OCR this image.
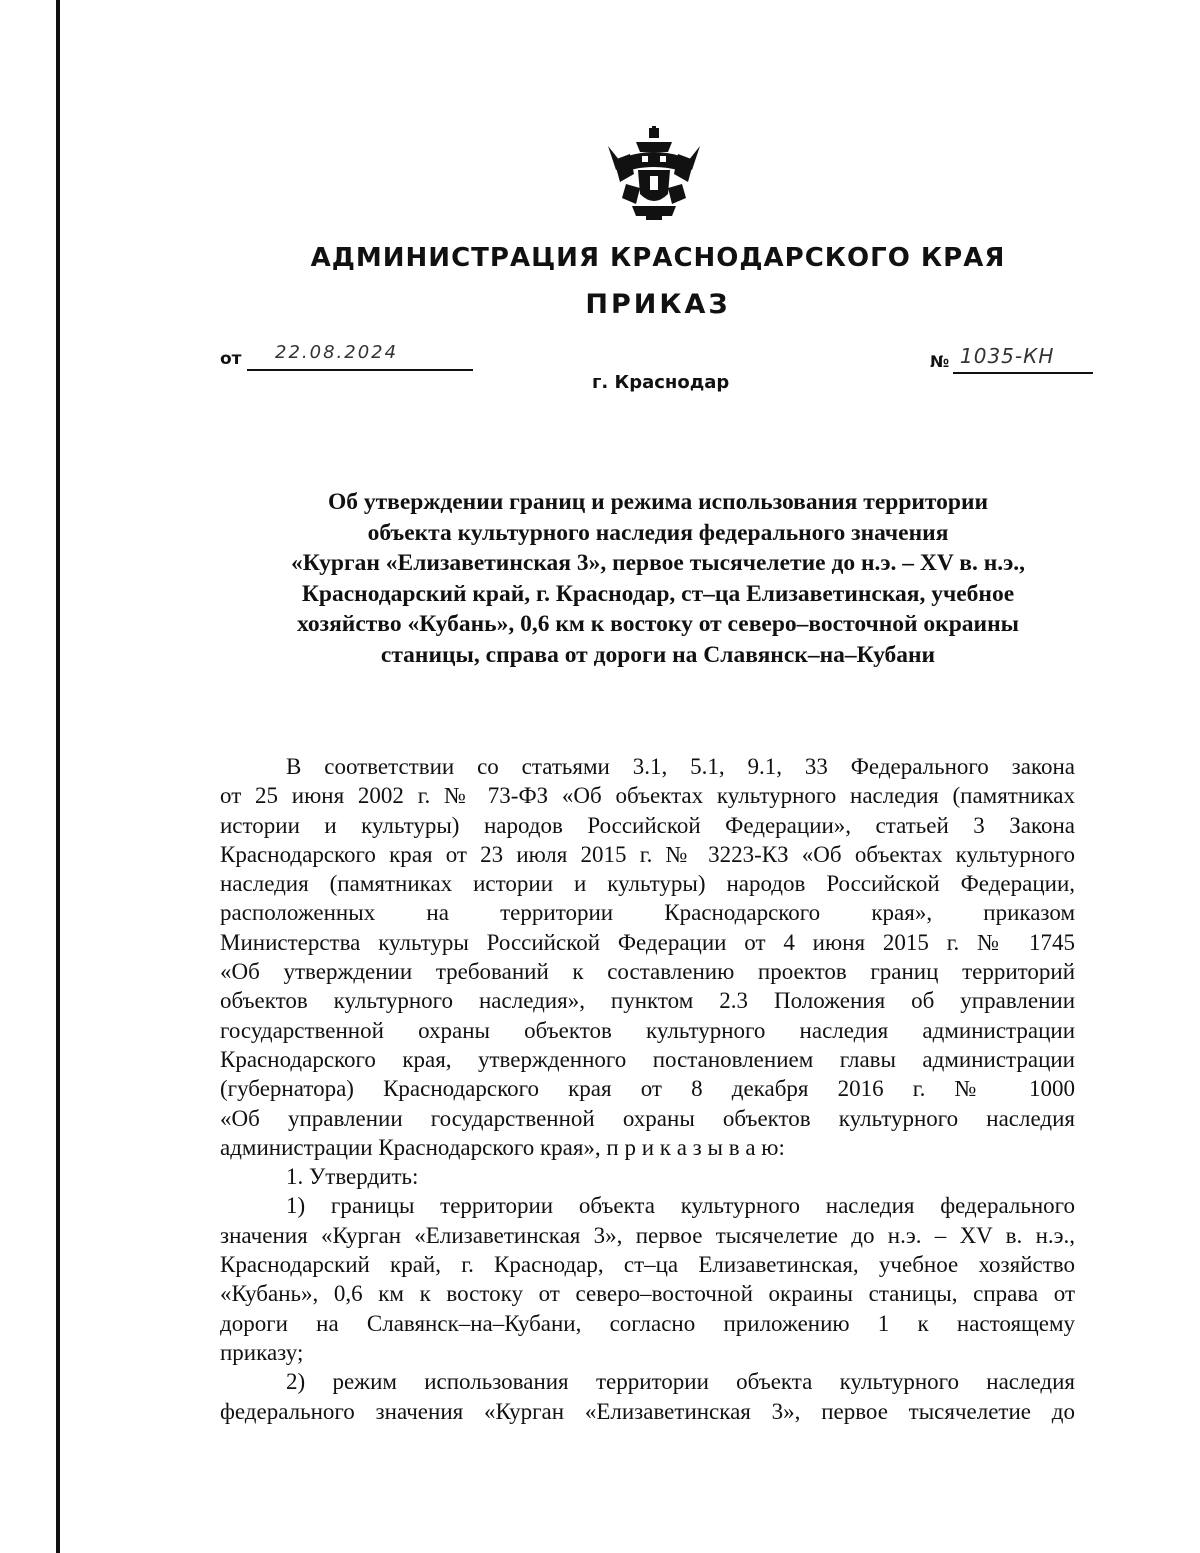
АДМИНИСТРАЦИЯ КРАСНОДАРСКОГО КРАЯ
ПРИКАЗ
от 22.08.2024
г. Краснодар
№ 1035-КН
Об утверждении границ и режима использования территории
объекта культурного наследия федерального значения
«Курган «Елизаветинская 3», первое тысячелетие до н.э. – XV в. н.э.,
Краснодарский край, г. Краснодар, ст–ца Елизаветинская, учебное
хозяйство «Кубань», 0,6 км к востоку от северо–восточной окраины
станицы, справа от дороги на Славянск–на–Кубани
В соответствии со статьями 3.1, 5.1, 9.1, 33 Федерального закона
от 25 июня 2002 г. № 73-ФЗ «Об объектах культурного наследия (памятниках
истории и культуры) народов Российской Федерации», статьей 3 Закона
Краснодарского края от 23 июля 2015 г. № 3223-КЗ «Об объектах культурного
наследия (памятниках истории и культуры) народов Российской Федерации,
расположенных на территории Краснодарского края», приказом
Министерства культуры Российской Федерации от 4 июня 2015 г. № 1745
«Об утверждении требований к составлению проектов границ территорий
объектов культурного наследия», пунктом 2.3 Положения об управлении
государственной охраны объектов культурного наследия администрации
Краснодарского края, утвержденного постановлением главы администрации
(губернатора) Краснодарского края от 8 декабря 2016 г. № 1000
«Об управлении государственной охраны объектов культурного наследия
администрации Краснодарского края», п р и к а з ы в а ю:
1. Утвердить:
1) границы территории объекта культурного наследия федерального
значения «Курган «Елизаветинская 3», первое тысячелетие до н.э. – XV в. н.э.,
Краснодарский край, г. Краснодар, ст–ца Елизаветинская, учебное хозяйство
«Кубань», 0,6 км к востоку от северо–восточной окраины станицы, справа от
дороги на Славянск–на–Кубани, согласно приложению 1 к настоящему
приказу;
2) режим использования территории объекта культурного наследия
федерального значения «Курган «Елизаветинская 3», первое тысячелетие до
